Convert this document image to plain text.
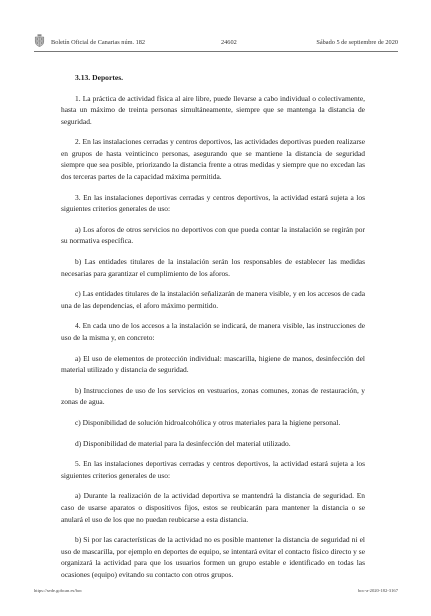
Boletín Oficial de Canarias núm. 182	24602	Sábado 5 de septiembre de 2020
3.13. Deportes.

1. La práctica de actividad física al aire libre, puede llevarse a cabo individual o colectivamente, hasta un máximo de treinta personas simultáneamente, siempre que se mantenga la distancia de seguridad.

2. En las instalaciones cerradas y centros deportivos, las actividades deportivas pueden realizarse en grupos de hasta veinticinco personas, asegurando que se mantiene la distancia de seguridad siempre que sea posible, priorizando la distancia frente a otras medidas y siempre que no excedan las dos terceras partes de la capacidad máxima permitida.

3. En las instalaciones deportivas cerradas y centros deportivos, la actividad estará sujeta a los siguientes criterios generales de uso:

a) Los aforos de otros servicios no deportivos con que pueda contar la instalación se regirán por su normativa específica.

b) Las entidades titulares de la instalación serán los responsables de establecer las medidas necesarias para garantizar el cumplimiento de los aforos.

c) Las entidades titulares de la instalación señalizarán de manera visible, y en los accesos de cada una de las dependencias, el aforo máximo permitido.

4. En cada uno de los accesos a la instalación se indicará, de manera visible, las instrucciones de uso de la misma y, en concreto:

a) El uso de elementos de protección individual: mascarilla, higiene de manos, desinfección del material utilizado y distancia de seguridad.

b) Instrucciones de uso de los servicios en vestuarios, zonas comunes, zonas de restauración, y zonas de agua.

c) Disponibilidad de solución hidroalcohólica y otros materiales para la higiene personal.

d) Disponibilidad de material para la desinfección del material utilizado.

5. En las instalaciones deportivas cerradas y centros deportivos, la actividad estará sujeta a los siguientes criterios generales de uso:

a) Durante la realización de la actividad deportiva se mantendrá la distancia de seguridad. En caso de usarse aparatos o dispositivos fijos, estos se reubicarán para mantener la distancia o se anulará el uso de los que no puedan reubicarse a esta distancia.

b) Si por las características de la actividad no es posible mantener la distancia de seguridad ni el uso de mascarilla, por ejemplo en deportes de equipo, se intentará evitar el contacto físico directo y se organizará la actividad para que los usuarios formen un grupo estable e identificado en todas las ocasiones (equipo) evitando su contacto con otros grupos.

https://sede.gobcan.es/boc	boc-a-2020-182-3167
